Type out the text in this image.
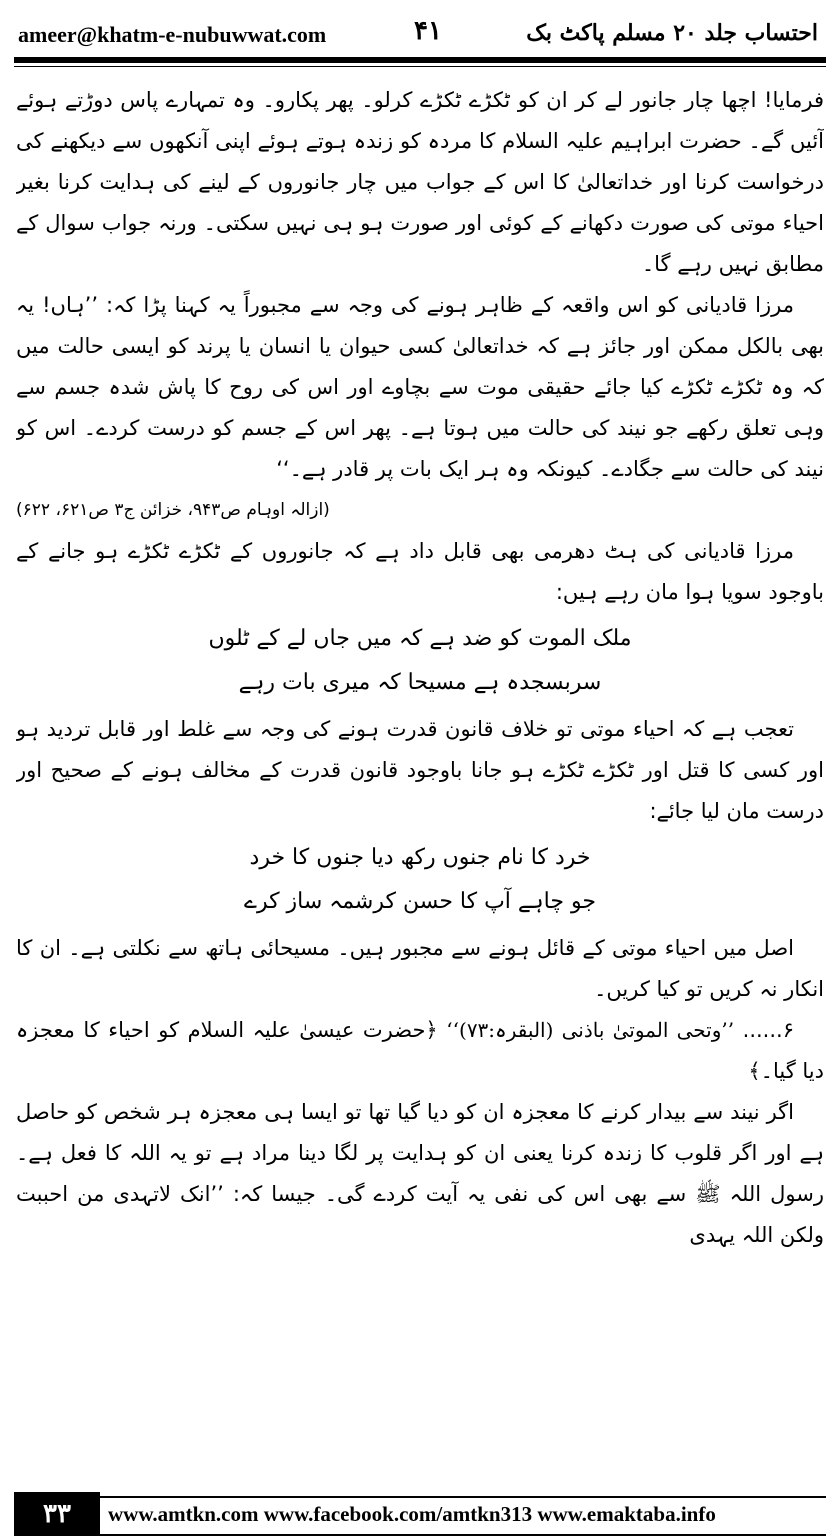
ameer@khatm-e-nubuwwat.com	۴۱	احتساب جلد ۲۰ مسلم پاکٹ بک

فرمایا! اچھا چار جانور لے کر ان کو ٹکڑے ٹکڑے کرلو۔ پھر پکارو۔ وہ تمہارے پاس دوڑتے ہوئے آئیں گے۔ حضرت ابراہیم علیہ السلام کا مردہ کو زندہ ہوتے ہوئے اپنی آنکھوں سے دیکھنے کی درخواست کرنا اور خداتعالیٰ کا اس کے جواب میں چار جانوروں کے لینے کی ہدایت کرنا بغیر احیاء موتی کی صورت دکھانے کے کوئی اور صورت ہو ہی نہیں سکتی۔ ورنہ جواب سوال کے مطابق نہیں رہے گا۔

مرزا قادیانی کو اس واقعہ کے ظاہر ہونے کی وجہ سے مجبوراً یہ کہنا پڑا کہ: ’’ہاں! یہ بھی بالکل ممکن اور جائز ہے کہ خداتعالیٰ کسی حیوان یا انسان یا پرند کو ایسی حالت میں کہ وہ ٹکڑے ٹکڑے کیا جائے حقیقی موت سے بچاوے اور اس کی روح کا پاش شدہ جسم سے وہی تعلق رکھے جو نیند کی حالت میں ہوتا ہے۔ پھر اس کے جسم کو درست کردے۔ اس کو نیند کی حالت سے جگادے۔ کیونکہ وہ ہر ایک بات پر قادر ہے۔‘‘

(ازالہ اوہام ص۹۴۳، خزائن ج۳ ص۶۲۱، ۶۲۲)

مرزا قادیانی کی ہٹ دھرمی بھی قابل داد ہے کہ جانوروں کے ٹکڑے ٹکڑے ہو جانے کے باوجود سویا ہوا مان رہے ہیں:

ملک الموت کو ضد ہے کہ میں جاں لے کے ٹلوں
سربسجدہ ہے مسیحا کہ میری بات رہے

تعجب ہے کہ احیاء موتی تو خلاف قانون قدرت ہونے کی وجہ سے غلط اور قابل تردید ہو اور کسی کا قتل اور ٹکڑے ٹکڑے ہو جانا باوجود قانون قدرت کے مخالف ہونے کے صحیح اور درست مان لیا جائے:

خرد کا نام جنوں رکھ دیا جنوں کا خرد
جو چاہے آپ کا حسن کرشمہ ساز کرے

اصل میں احیاء موتی کے قائل ہونے سے مجبور ہیں۔ مسیحائی ہاتھ سے نکلتی ہے۔ ان کا انکار نہ کریں تو کیا کریں۔

۶...... ’’وتحی الموتیٰ باذنی (البقرہ:۷۳)‘‘ ﴿حضرت عیسیٰ علیہ السلام کو احیاء کا معجزہ دیا گیا۔﴾

اگر نیند سے بیدار کرنے کا معجزہ ان کو دیا گیا تھا تو ایسا ہی معجزہ ہر شخص کو حاصل ہے اور اگر قلوب کا زندہ کرنا یعنی ان کو ہدایت پر لگا دینا مراد ہے تو یہ اللہ کا فعل ہے۔ رسول اللہ ﷺ سے بھی اس کی نفی یہ آیت کردے گی۔ جیسا کہ: ’’انک لاتہدی من احببت ولکن اللہ یہدی

۳۳	www.amtkn.com www.facebook.com/amtkn313 www.emaktaba.info
